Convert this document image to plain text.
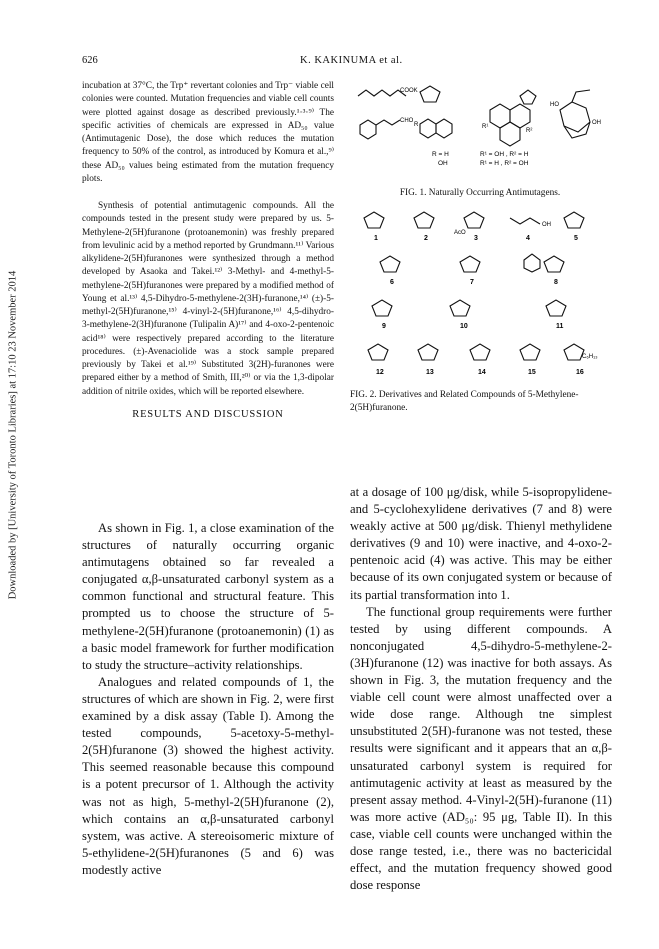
Downloaded by [University of Toronto Libraries] at 17:10 23 November 2014
626	K. KAKINUMA et al.

incubation at 37°C, the Trp⁺ revertant colonies and Trp⁻ viable cell colonies were counted. Mutation frequencies and viable cell counts were plotted against dosage as described previously.¹·³·⁹⁾ The specific activities of chemicals are expressed in AD₅₀ value (Antimutagenic Dose), the dose which reduces the mutation frequency to 50% of the control, as introduced by Komura et al.,⁹⁾ these AD₅₀ values being estimated from the mutation frequency plots.

Synthesis of potential antimutagenic compounds. All the compounds tested in the present study were prepared by us. 5-Methylene-2(5H)furanone (protoanemonin) was freshly prepared from levulinic acid by a method reported by Grundmann.¹¹⁾ Various alkylidene-2(5H)furanones were synthesized through a method developed by Asaoka and Takei.¹²⁾ 3-Methyl- and 4-methyl-5-methylene-2(5H)furanones were prepared by a modified method of Young et al.¹³⁾ 4,5-Dihydro-5-methylene-2(3H)-furanone,¹⁴⁾ (±)-5-methyl-2(5H)furanone,¹⁵⁾ 4-vinyl-2-(5H)furanone,¹⁶⁾ 4,5-dihydro-3-methylene-2(3H)furanone (Tulipalin A)¹⁷⁾ and 4-oxo-2-pentenoic acid¹⁸⁾ were respectively prepared according to the literature procedures. (±)-Avenaciolide was a stock sample prepared previously by Takei et al.¹⁹⁾ Substituted 3(2H)-furanones were prepared either by a method of Smith, III,²⁰⁾ or via the 1,3-dipolar addition of nitrile oxides, which will be reported elsewhere.

RESULTS AND DISCUSSION

As shown in Fig. 1, a close examination of the structures of naturally occurring organic antimutagens obtained so far revealed a conjugated α,β-unsaturated carbonyl system as a common functional and structural feature. This prompted us to choose the structure of 5-methylene-2(5H)furanone (protoanemonin) (1) as a basic model framework for further modification to study the structure–activity relationships.

Analogues and related compounds of 1, the structures of which are shown in Fig. 2, were first examined by a disk assay (Table I). Among the tested compounds, 5-acetoxy-5-methyl-2(5H)furanone (3) showed the highest activity. This seemed reasonable because this compound is a potent precursor of 1. Although the activity was not as high, 5-methyl-2(5H)furanone (2), which contains an α,β-unsaturated carbonyl system, was active. A stereoisomeric mixture of 5-ethylidene-2(5H)furanones (5 and 6) was modestly active

COOK
CHO
R	R¹
R²
HO
OH
R = H
OH
R¹ = OH , R² = H
R¹ = H , R² = OH
FIG. 1. Naturally Occurring Antimutagens.
AcO
OH
C₆H₁₃
1	2	3	4	5
6	7	8
9	10	11
12	13	14	15	16
FIG. 2. Derivatives and Related Compounds of 5-Methylene-2(5H)furanone.

at a dosage of 100 μg/disk, while 5-isopropylidene- and 5-cyclohexylidene derivatives (7 and 8) were weakly active at 500 μg/disk. Thienyl methylidene derivatives (9 and 10) were inactive, and 4-oxo-2-pentenoic acid (4) was active. This may be either because of its own conjugated system or because of its partial transformation into 1.

The functional group requirements were further tested by using different compounds. A nonconjugated 4,5-dihydro-5-methylene-2-(3H)furanone (12) was inactive for both assays. As shown in Fig. 3, the mutation frequency and the viable cell count were almost unaffected over a wide dose range. Although tne simplest unsubstituted 2(5H)-furanone was not tested, these results were significant and it appears that an α,β-unsaturated carbonyl system is required for antimutagenic activity at least as measured by the present assay method. 4-Vinyl-2(5H)-furanone (11) was more active (AD₅₀: 95 μg, Table II). In this case, viable cell counts were unchanged within the dose range tested, i.e., there was no bactericidal effect, and the mutation frequency showed good dose response
